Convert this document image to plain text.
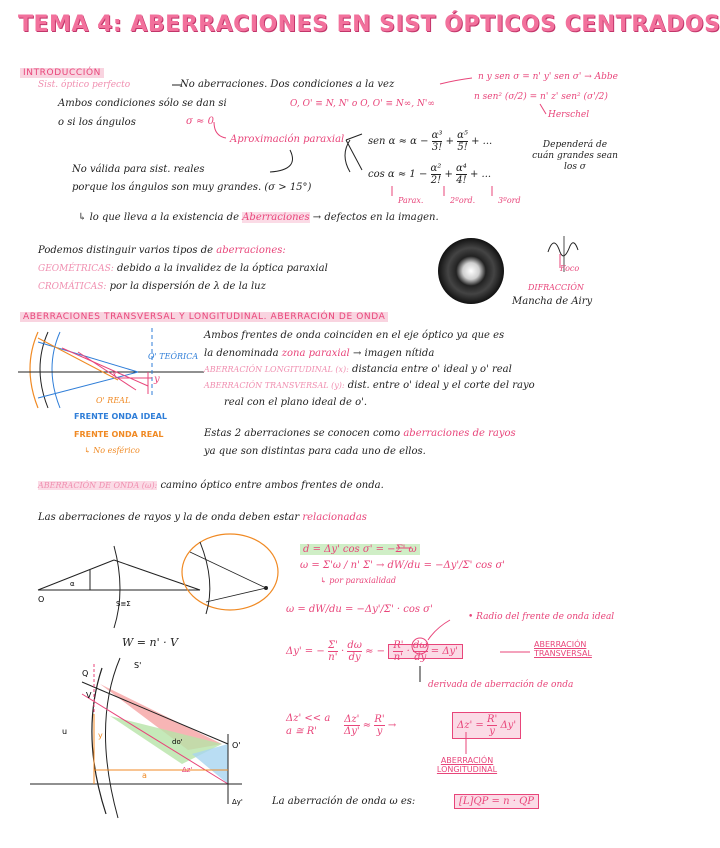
TEMA 4: ABERRACIONES EN SIST ÓPTICOS CENTRADOS
INTRODUCCIÓN
Sist. óptico perfecto	No aberraciones. Dos condiciones a la vez
Ambos condiciones sólo se dan si	O, O' ≡ N, N' o O, O' ≡ N∞, N'∞
o si los ángulos	σ ≈ 0
Aproximación paraxial
n y sen σ = n' y' sen σ' → Abbe
n sen² (σ/2) = n' z' sen² (σ'/2)
Herschel
sen $\alpha \approx \alpha - \frac{\text{α³}}{3!} + \frac{\text{α⁵}}{5!}$ + ...
$\cos \alpha \approx 1 - \frac{\text{α²}}{2!} + \frac{\text{α⁴}}{4!}$ + ...
Parax.	2ºord.	3ºord
Dependerá de cuán grandes sean los σ
No válida para sist. reales
porque los ángulos son muy grandes. (σ > 15°)
↳ lo que lleva a la existencia de Aberraciones → defectos en la imagen.
Podemos distinguir varios tipos de aberraciones:
GEOMÉTRICAS: debido a la invalidez de la óptica paraxial
CROMÁTICAS: por la dispersión de λ de la luz
Foco
DIFRACCIÓN
Mancha de Airy
ABERRACIONES TRANSVERSAL Y LONGITUDINAL. ABERRACIÓN DE ONDA
O' TEÓRICA
x	y
O' REAL
FRENTE ONDA IDEAL
FRENTE ONDA REAL
↳ No esférico
Ambos frentes de onda coinciden en el eje óptico ya que es
la denominada zona paraxial → imagen nítida
ABERRACIÓN LONGITUDINAL (x): distancia entre o' ideal y o' real
ABERRACIÓN TRANSVERSAL (y): dist. entre o' ideal y el corte del rayo
real con el plano ideal de o'.
Estas 2 aberraciones se conocen como aberraciones de rayos
ya que son distintas para cada uno de ellos.
ABERRACIÓN DE ONDA (ω): camino óptico entre ambos frentes de onda.
Las aberraciones de rayos y la de onda deben estar relacionadas
O
α
S≡Σ
W = n' · V
Q
V
u	y
a
S'
O'
Δy'
do'
Δz'
d = Δy' cos σ' = −Σ' ω
ω = Σ'ω / n' Σ' → dW/du = −Δy'/Σ' cos σ'
↳ por paraxialidad
ω = dW/du = −Δy'/Σ' · cos σ'
• Radio del frente de onda ideal
Δy' = − $\frac{\Sigma'}{n'} \cdot \frac{d\omega}{dy}$ ≈ − $\frac{R'}{n'} \cdot \frac{d\omega}{dy} = \Delta y'$
ABERRACIÓN TRANSVERSAL
derivada de aberración de onda
Δz' << a
a ≅ R'	$\frac{\Delta z'}{\Delta y'} \approx \frac{R'}{y}$ →	$\Delta z' = \frac{R'}{y} \Delta y'$
ABERRACIÓN LONGITUDINAL
La aberración de onda ω es:	[L]QP = n · QP
